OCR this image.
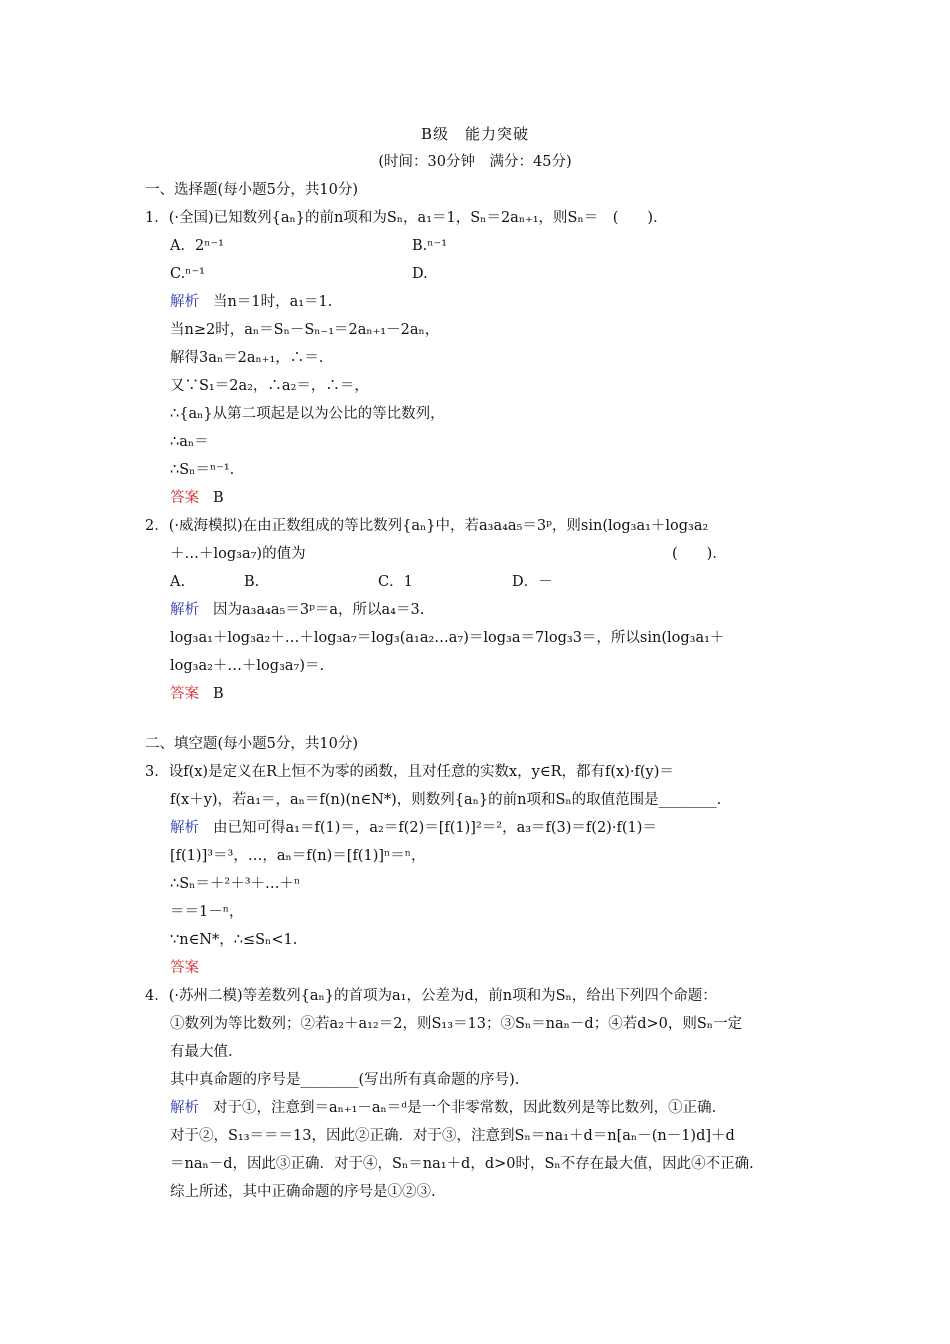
B级　能力突破
(时间：30分钟　满分：45分)
一、选择题(每小题5分，共10分)
1．(·全国)已知数列{aₙ}的前n项和为Sₙ，a₁＝1，Sₙ＝2aₙ₊₁，则Sₙ＝　(　　)．
A．2ⁿ⁻¹	B.ⁿ⁻¹
C.ⁿ⁻¹	D.
解析 当n＝1时，a₁＝1.
当n≥2时，aₙ＝Sₙ－Sₙ₋₁＝2aₙ₊₁－2aₙ，
解得3aₙ＝2aₙ₊₁，∴＝.
又∵S₁＝2a₂，∴a₂＝，∴＝，
∴{aₙ}从第二项起是以为公比的等比数列，
∴aₙ＝
∴Sₙ＝ⁿ⁻¹.
答案 B
2．(·威海模拟)在由正数组成的等比数列{aₙ}中，若a₃a₄a₅＝3ᵖ，则sin(log₃a₁＋log₃a₂
＋…＋log₃a₇)的值为	(　　)．
A.	B.	C．1	D．－
解析 因为a₃a₄a₅＝3ᵖ＝a，所以a₄＝3.
log₃a₁＋log₃a₂＋…＋log₃a₇＝log₃(a₁a₂…a₇)＝log₃a＝7log₃3＝，所以sin(log₃a₁＋
log₃a₂＋…＋log₃a₇)＝.
答案 B
二、填空题(每小题5分，共10分)
3．设f(x)是定义在R上恒不为零的函数，且对任意的实数x，y∈R，都有f(x)·f(y)＝
f(x＋y)，若a₁＝，aₙ＝f(n)(n∈N*)，则数列{aₙ}的前n项和Sₙ的取值范围是________.
解析 由已知可得a₁＝f(1)＝，a₂＝f(2)＝[f(1)]²＝²，a₃＝f(3)＝f(2)·f(1)＝
[f(1)]³＝³，…，aₙ＝f(n)＝[f(1)]ⁿ＝ⁿ，
∴Sₙ＝＋²＋³＋…＋ⁿ
＝＝1－ⁿ，
∵n∈N*，∴≤Sₙ<1.
答案
4．(·苏州二模)等差数列{aₙ}的首项为a₁，公差为d，前n项和为Sₙ，给出下列四个命题：
①数列为等比数列；②若a₂＋a₁₂＝2，则S₁₃＝13；③Sₙ＝naₙ－d；④若d>0，则Sₙ一定
有最大值.
其中真命题的序号是________(写出所有真命题的序号).
解析 对于①，注意到＝aₙ₊₁－aₙ＝ᵈ是一个非零常数，因此数列是等比数列，①正确.
对于②，S₁₃＝＝＝13，因此②正确．对于③，注意到Sₙ＝na₁＋d＝n[aₙ－(n－1)d]＋d
＝naₙ－d，因此③正确．对于④，Sₙ＝na₁＋d，d>0时，Sₙ不存在最大值，因此④不正确.
综上所述，其中正确命题的序号是①②③.
